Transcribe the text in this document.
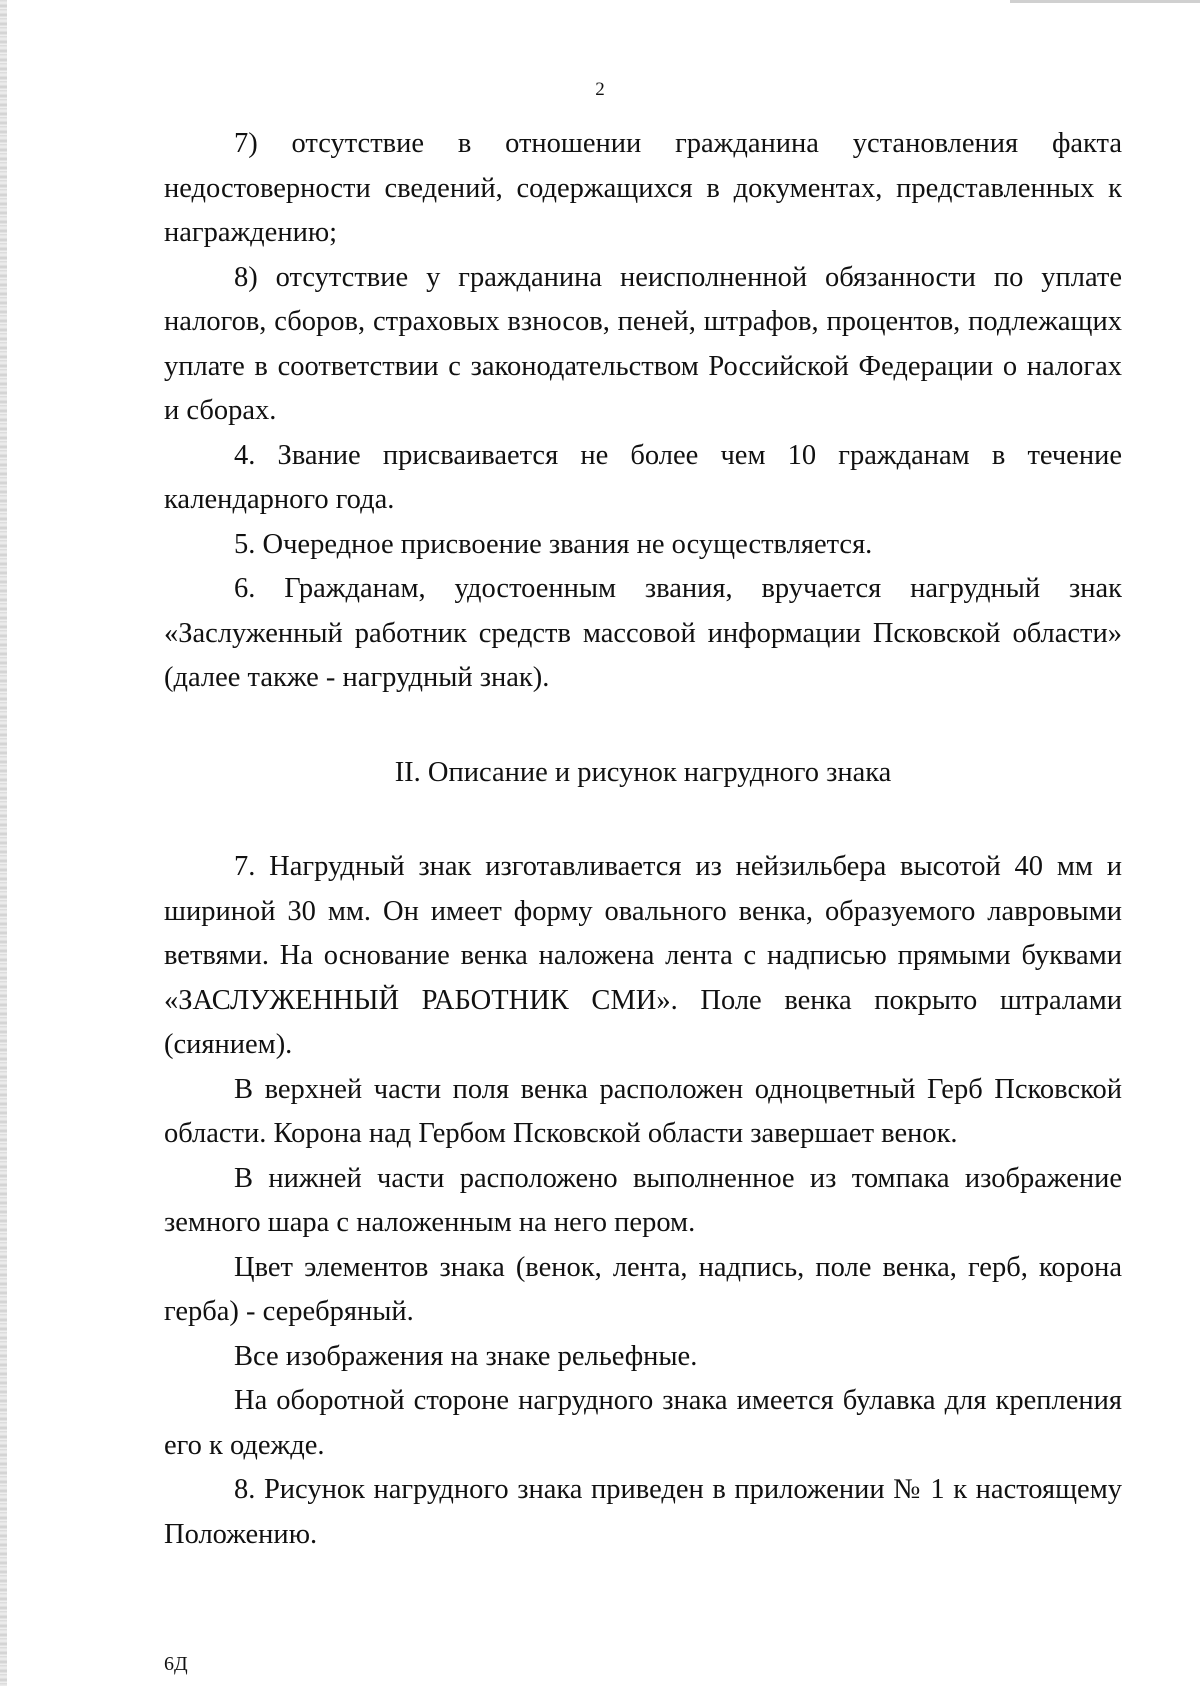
2

7) отсутствие в отношении гражданина установления факта недостоверности сведений, содержащихся в документах, представленных к награждению;

8) отсутствие у гражданина неисполненной обязанности по уплате налогов, сборов, страховых взносов, пеней, штрафов, процентов, подлежащих уплате в соответствии с законодательством Российской Федерации о налогах и сборах.

4. Звание присваивается не более чем 10 гражданам в течение календарного года.

5. Очередное присвоение звания не осуществляется.

6. Гражданам, удостоенным звания, вручается нагрудный знак «Заслуженный работник средств массовой информации Псковской области» (далее также - нагрудный знак).

II. Описание и рисунок нагрудного знака

7. Нагрудный знак изготавливается из нейзильбера высотой 40 мм и шириной 30 мм. Он имеет форму овального венка, образуемого лавровыми ветвями. На основание венка наложена лента с надписью прямыми буквами «ЗАСЛУЖЕННЫЙ РАБОТНИК СМИ». Поле венка покрыто штралами (сиянием).

В верхней части поля венка расположен одноцветный Герб Псковской области. Корона над Гербом Псковской области завершает венок.

В нижней части расположено выполненное из томпака изображение земного шара с наложенным на него пером.

Цвет элементов знака (венок, лента, надпись, поле венка, герб, корона герба) - серебряный.

Все изображения на знаке рельефные.

На оборотной стороне нагрудного знака имеется булавка для крепления его к одежде.

8. Рисунок нагрудного знака приведен в приложении № 1 к настоящему Положению.

6Д
